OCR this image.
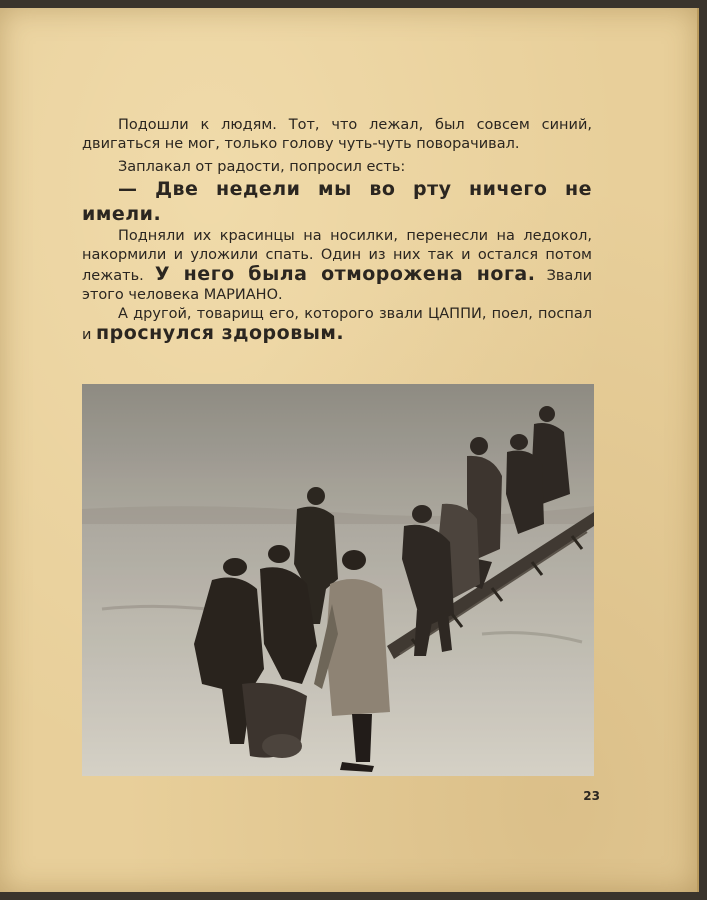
Подошли к людям. Тот, что лежал, был совсем синий, двигаться не мог, только голову чуть-чуть поворачивал.

Заплакал от радости, попросил есть:

— Две недели мы во рту ничего не имели.

Подняли их красинцы на носилки, перенесли на ледокол, накормили и уложили спать. Один из них так и остался потом лежать. У него была отморожена нога. Звали этого человека МАРИАНО.

А другой, товарищ его, которого звали ЦАППИ, поел, поспал и проснулся здоровым.

23
